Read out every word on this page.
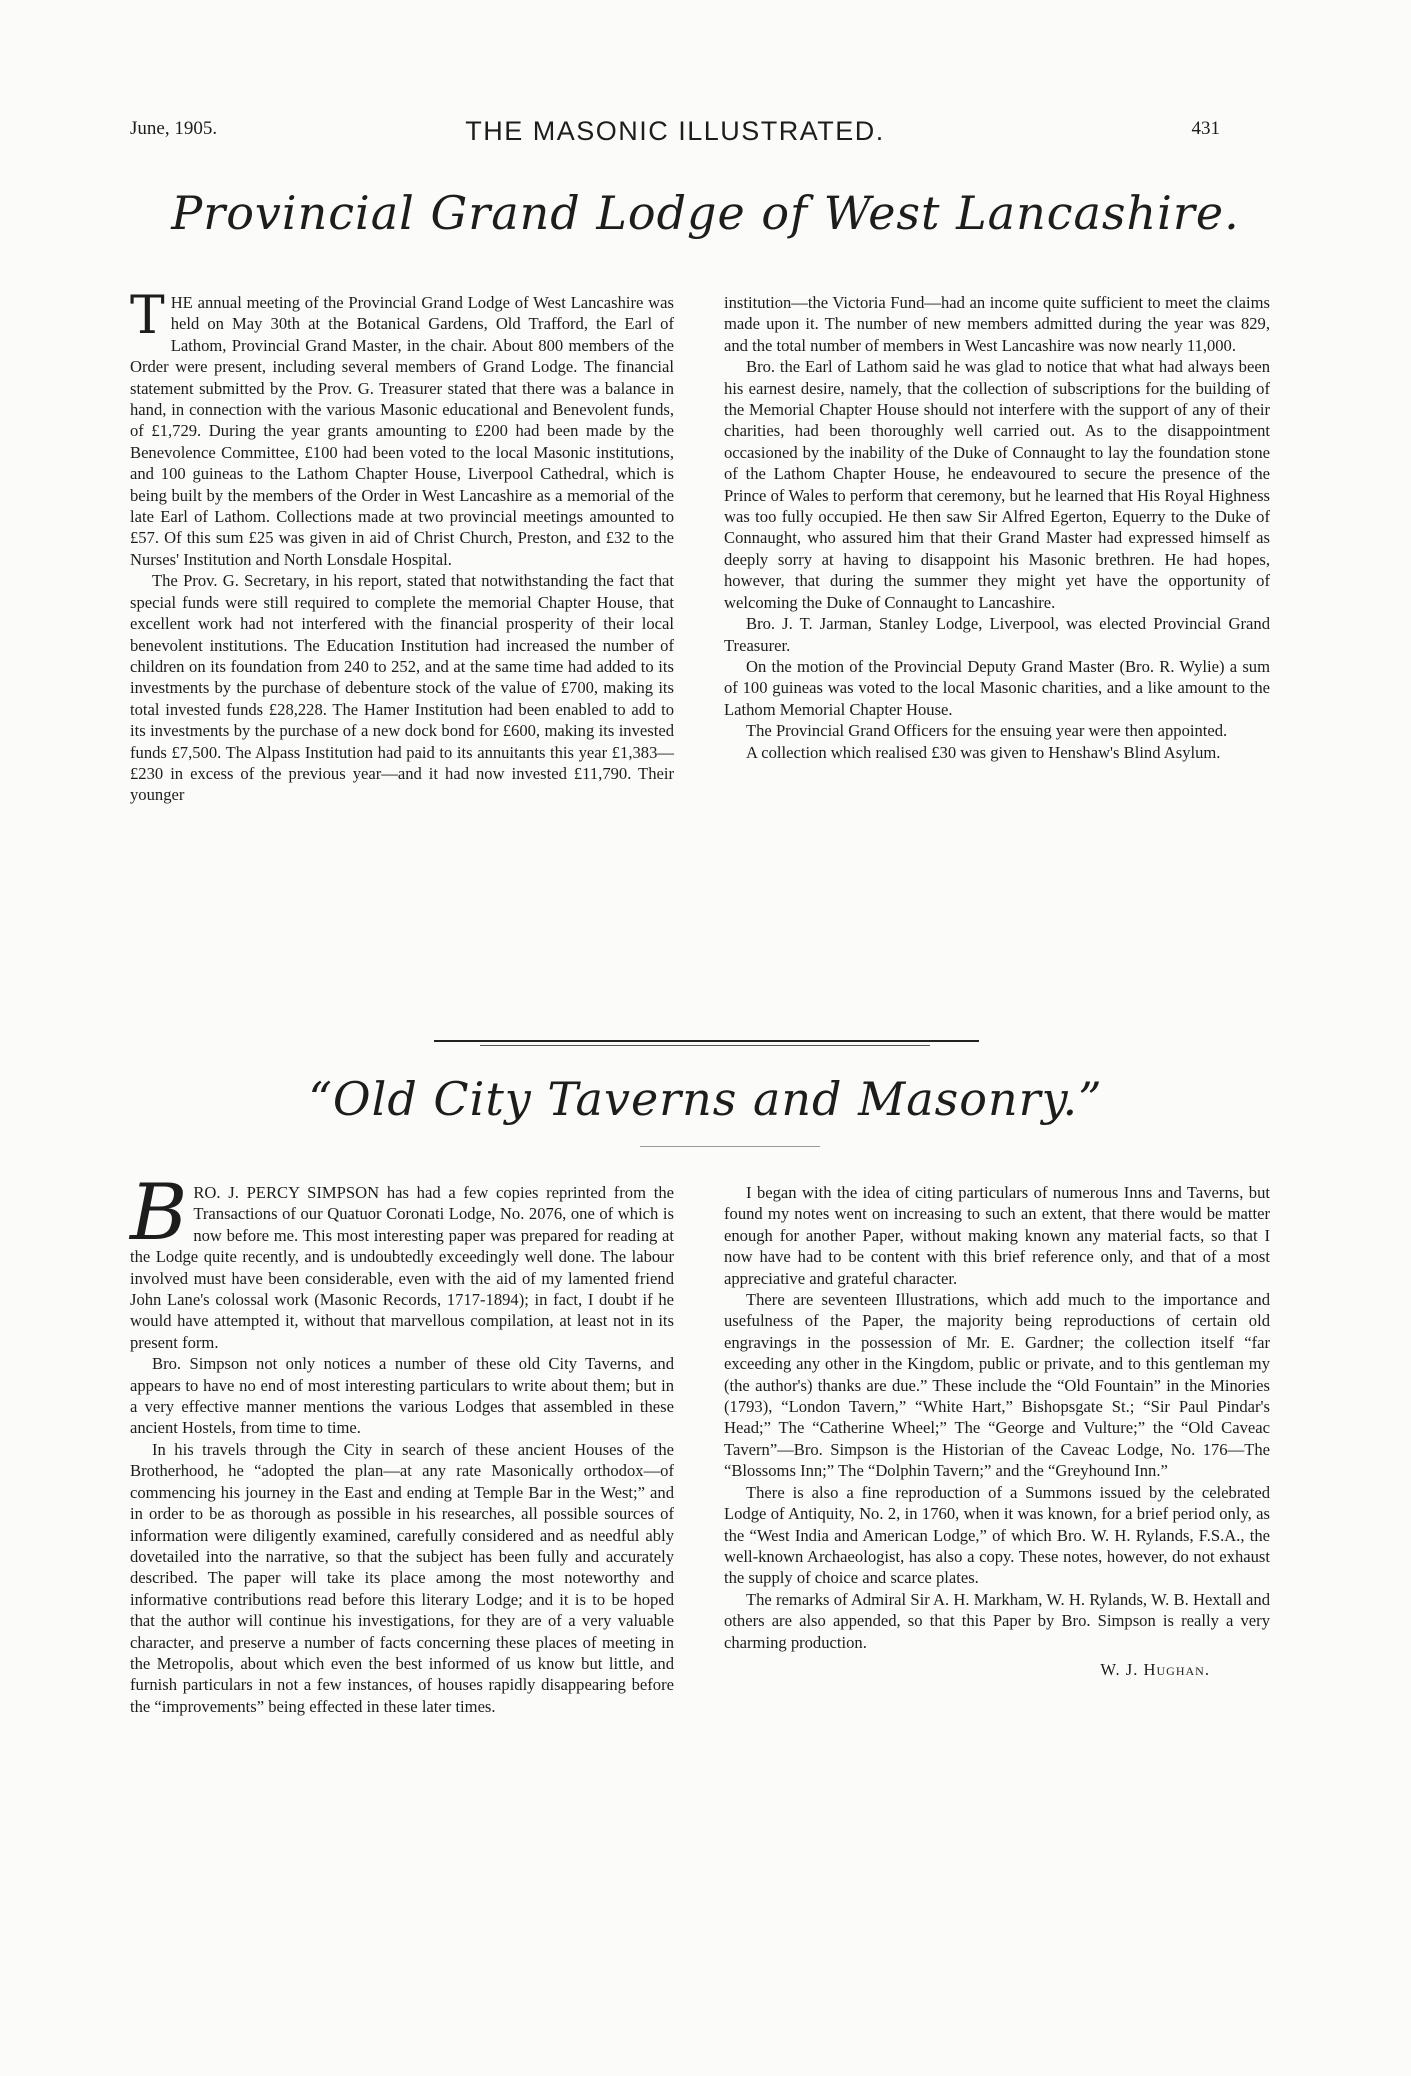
June, 1905.	THE MASONIC ILLUSTRATED.	431
Provincial Grand Lodge of West Lancashire.

THE annual meeting of the Provincial Grand Lodge of West Lancashire was held on May 30th at the Botanical Gardens, Old Trafford, the Earl of Lathom, Provincial Grand Master, in the chair. About 800 members of the Order were present, including several members of Grand Lodge. The financial statement submitted by the Prov. G. Treasurer stated that there was a balance in hand, in connection with the various Masonic educational and Benevolent funds, of £1,729. During the year grants amounting to £200 had been made by the Benevolence Committee, £100 had been voted to the local Masonic institutions, and 100 guineas to the Lathom Chapter House, Liverpool Cathedral, which is being built by the members of the Order in West Lancashire as a memorial of the late Earl of Lathom. Collections made at two provincial meetings amounted to £57. Of this sum £25 was given in aid of Christ Church, Preston, and £32 to the Nurses' Institution and North Lonsdale Hospital.

The Prov. G. Secretary, in his report, stated that notwithstanding the fact that special funds were still required to complete the memorial Chapter House, that excellent work had not interfered with the financial prosperity of their local benevolent institutions. The Education Institution had increased the number of children on its foundation from 240 to 252, and at the same time had added to its investments by the purchase of debenture stock of the value of £700, making its total invested funds £28,228. The Hamer Institution had been enabled to add to its investments by the purchase of a new dock bond for £600, making its invested funds £7,500. The Alpass Institution had paid to its annuitants this year £1,383—£230 in excess of the previous year—and it had now invested £11,790. Their younger

institution—the Victoria Fund—had an income quite sufficient to meet the claims made upon it. The number of new members admitted during the year was 829, and the total number of members in West Lancashire was now nearly 11,000.

Bro. the Earl of Lathom said he was glad to notice that what had always been his earnest desire, namely, that the collection of subscriptions for the building of the Memorial Chapter House should not interfere with the support of any of their charities, had been thoroughly well carried out. As to the disappointment occasioned by the inability of the Duke of Connaught to lay the foundation stone of the Lathom Chapter House, he endeavoured to secure the presence of the Prince of Wales to perform that ceremony, but he learned that His Royal Highness was too fully occupied. He then saw Sir Alfred Egerton, Equerry to the Duke of Connaught, who assured him that their Grand Master had expressed himself as deeply sorry at having to disappoint his Masonic brethren. He had hopes, however, that during the summer they might yet have the opportunity of welcoming the Duke of Connaught to Lancashire.

Bro. J. T. Jarman, Stanley Lodge, Liverpool, was elected Provincial Grand Treasurer.

On the motion of the Provincial Deputy Grand Master (Bro. R. Wylie) a sum of 100 guineas was voted to the local Masonic charities, and a like amount to the Lathom Memorial Chapter House.

The Provincial Grand Officers for the ensuing year were then appointed.

A collection which realised £30 was given to Henshaw's Blind Asylum.

“Old City Taverns and Masonry.”

BRO. J. PERCY SIMPSON has had a few copies reprinted from the Transactions of our Quatuor Coronati Lodge, No. 2076, one of which is now before me. This most interesting paper was prepared for reading at the Lodge quite recently, and is undoubtedly exceedingly well done. The labour involved must have been considerable, even with the aid of my lamented friend John Lane's colossal work (Masonic Records, 1717-1894); in fact, I doubt if he would have attempted it, without that marvellous compilation, at least not in its present form.

Bro. Simpson not only notices a number of these old City Taverns, and appears to have no end of most interesting particulars to write about them; but in a very effective manner mentions the various Lodges that assembled in these ancient Hostels, from time to time.

In his travels through the City in search of these ancient Houses of the Brotherhood, he “adopted the plan—at any rate Masonically orthodox—of commencing his journey in the East and ending at Temple Bar in the West;” and in order to be as thorough as possible in his researches, all possible sources of information were diligently examined, carefully considered and as needful ably dovetailed into the narrative, so that the subject has been fully and accurately described. The paper will take its place among the most noteworthy and informative contributions read before this literary Lodge; and it is to be hoped that the author will continue his investigations, for they are of a very valuable character, and preserve a number of facts concerning these places of meeting in the Metropolis, about which even the best informed of us know but little, and furnish particulars in not a few instances, of houses rapidly disappearing before the “improvements” being effected in these later times.

I began with the idea of citing particulars of numerous Inns and Taverns, but found my notes went on increasing to such an extent, that there would be matter enough for another Paper, without making known any material facts, so that I now have had to be content with this brief reference only, and that of a most appreciative and grateful character.

There are seventeen Illustrations, which add much to the importance and usefulness of the Paper, the majority being reproductions of certain old engravings in the possession of Mr. E. Gardner; the collection itself “far exceeding any other in the Kingdom, public or private, and to this gentleman my (the author's) thanks are due.” These include the “Old Fountain” in the Minories (1793), “London Tavern,” “White Hart,” Bishopsgate St.; “Sir Paul Pindar's Head;” The “Catherine Wheel;” The “George and Vulture;” the “Old Caveac Tavern”—Bro. Simpson is the Historian of the Caveac Lodge, No. 176—The “Blossoms Inn;” The “Dolphin Tavern;” and the “Greyhound Inn.”

There is also a fine reproduction of a Summons issued by the celebrated Lodge of Antiquity, No. 2, in 1760, when it was known, for a brief period only, as the “West India and American Lodge,” of which Bro. W. H. Rylands, F.S.A., the well-known Archaeologist, has also a copy. These notes, however, do not exhaust the supply of choice and scarce plates.

The remarks of Admiral Sir A. H. Markham, W. H. Rylands, W. B. Hextall and others are also appended, so that this Paper by Bro. Simpson is really a very charming production.

W. J. Hughan.
